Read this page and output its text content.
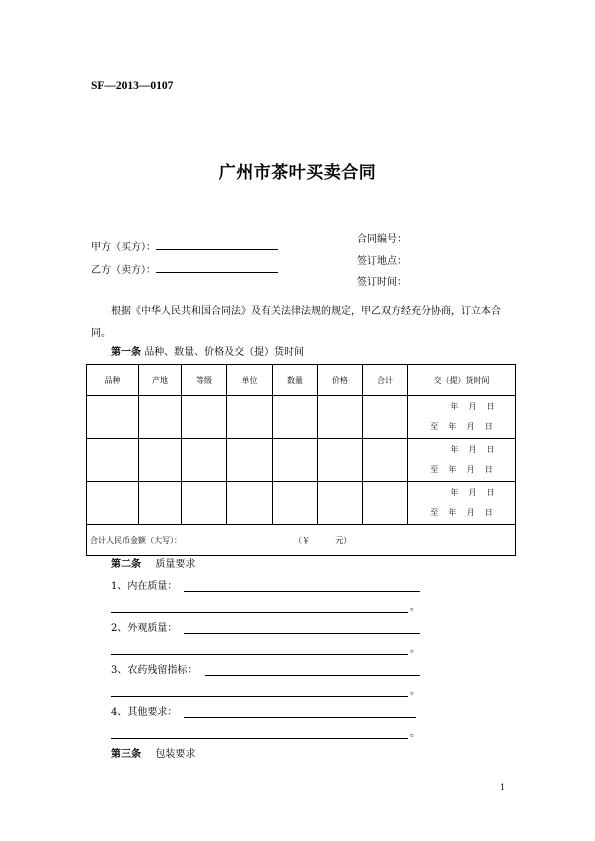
SF—2013—0107
广州市茶叶买卖合同
甲方（买方）：
乙方（卖方）：
合同编号：
签订地点：
签订时间：
根据《中华人民共和国合同法》及有关法律法规的规定，甲乙双方经充分协商，订立本合同。
第一条 品种、数量、价格及交（提）货时间
品种	产地	等级	单位	数量	价格	合计	交（提）货时间

							年    月    日
至    年    月    日

							年    月    日
至    年    月    日

							年    月    日
至    年    月    日

合计人民币金额（大写）： （￥          元）							
第二条 质量要求
1、内在质量：
。
2、外观质量：
。
3、农药残留指标：
。
4、其他要求：
。
第三条 包装要求
1
